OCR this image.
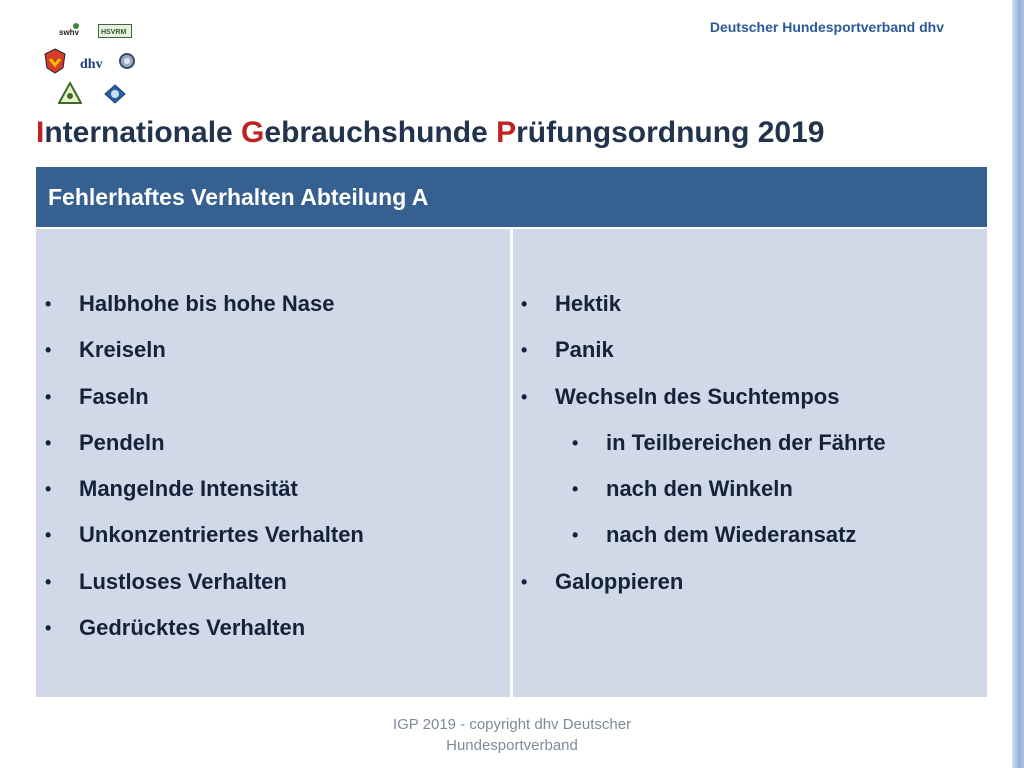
swhv	HSVRM
dhv
Deutscher Hundesportverband dhv
Internationale Gebrauchshunde Prüfungsordnung 2019
Fehlerhaftes Verhalten Abteilung A
• Halbhohe bis hohe Nase
• Kreiseln
• Faseln
• Pendeln
• Mangelnde Intensität
• Unkonzentriertes Verhalten
• Lustloses Verhalten
• Gedrücktes Verhalten
• Hektik
• Panik
• Wechseln des Suchtempos
• in Teilbereichen der Fährte
• nach den Winkeln
• nach dem Wiederansatz
• Galoppieren
IGP 2019 - copyright dhv Deutscher
Hundesportverband
